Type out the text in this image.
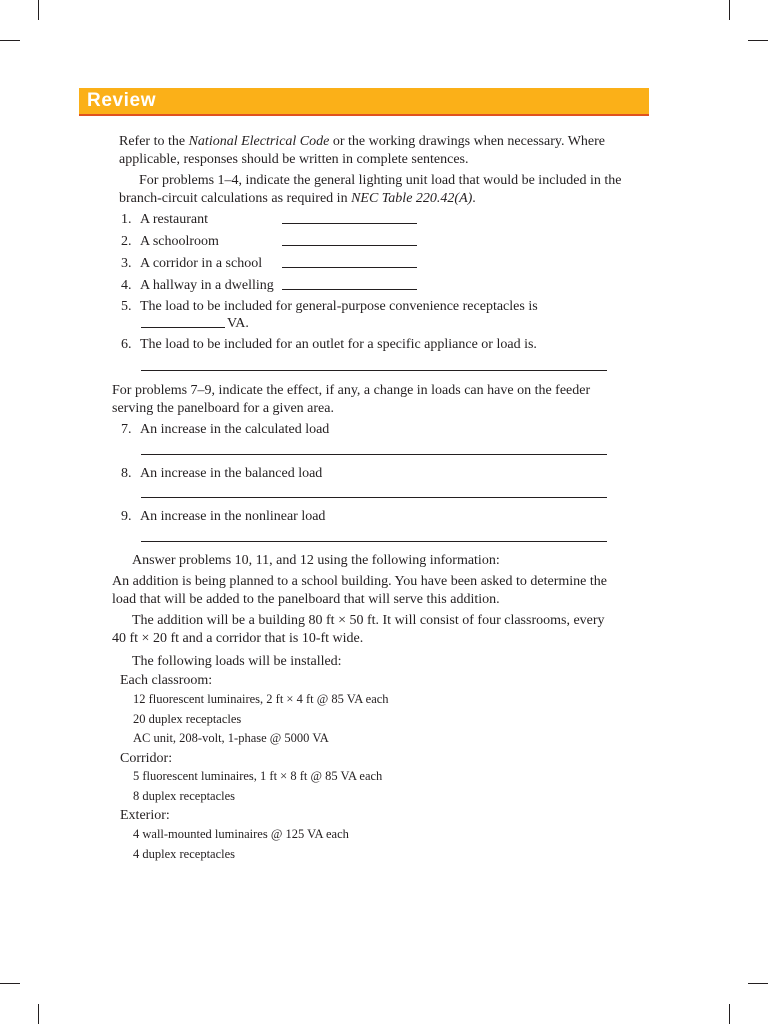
Review
Refer to the National Electrical Code or the working drawings when necessary. Where
applicable, responses should be written in complete sentences.
For problems 1–4, indicate the general lighting unit load that would be included in the
branch-circuit calculations as required in NEC Table 220.42(A).
1. A restaurant
2. A schoolroom
3. A corridor in a school
4. A hallway in a dwelling
5. The load to be included for general-purpose convenience receptacles is
VA.
6. The load to be included for an outlet for a specific appliance or load is.
For problems 7–9, indicate the effect, if any, a change in loads can have on the feeder
serving the panelboard for a given area.
7. An increase in the calculated load
8. An increase in the balanced load
9. An increase in the nonlinear load
Answer problems 10, 11, and 12 using the following information:
An addition is being planned to a school building. You have been asked to determine the
load that will be added to the panelboard that will serve this addition.
The addition will be a building 80 ft × 50 ft. It will consist of four classrooms, every
40 ft × 20 ft and a corridor that is 10-ft wide.
The following loads will be installed:
Each classroom:
12 fluorescent luminaires, 2 ft × 4 ft @ 85 VA each
20 duplex receptacles
AC unit, 208-volt, 1-phase @ 5000 VA
Corridor:
5 fluorescent luminaires, 1 ft × 8 ft @ 85 VA each
8 duplex receptacles
Exterior:
4 wall-mounted luminaires @ 125 VA each
4 duplex receptacles
